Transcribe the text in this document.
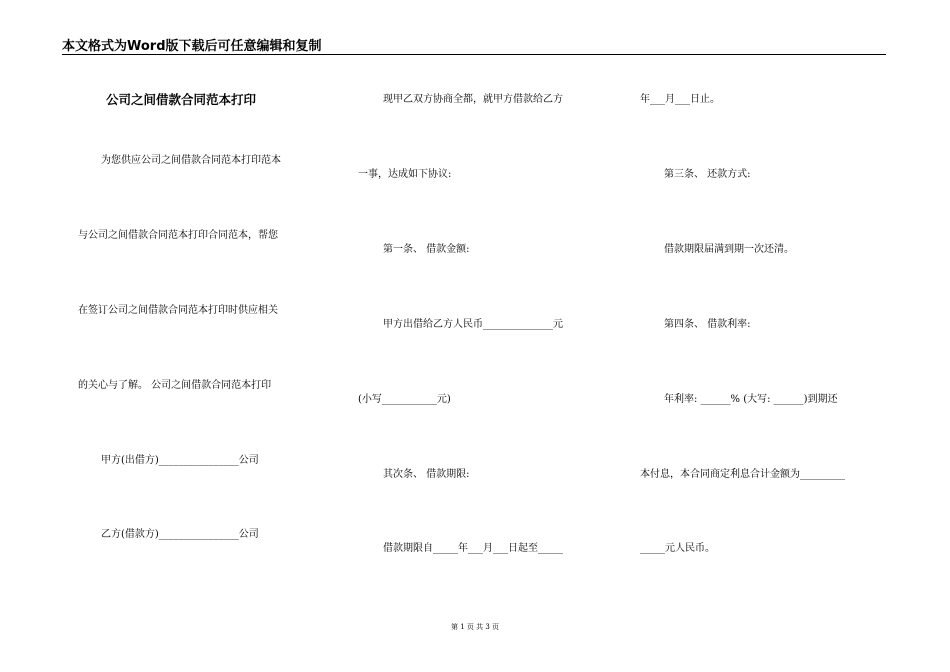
本文格式为Word版下载后可任意编辑和复制
公司之间借款合同范本打印
为您供应公司之间借款合同范本打印范本
与公司之间借款合同范本打印合同范本，帮您
在签订公司之间借款合同范本打印时供应相关
的关心与了解。 公司之间借款合同范本打印
甲方(出借方)________________公司
乙方(借款方)________________公司
现甲乙双方协商全都，就甲方借款给乙方
一事，达成如下协议:
第一条、 借款金额:
甲方出借给乙方人民币______________元
(小写___________元)
其次条、 借款期限:
借款期限自_____年___月___日起至_____
年___月___日止。
第三条、 还款方式:
借款期限届满到期一次还清。
第四条、 借款利率:
年利率: ______% (大写: ______)到期还
本付息，本合同商定利息合计金额为_________
_____元人民币。
第 1 页 共 3 页
